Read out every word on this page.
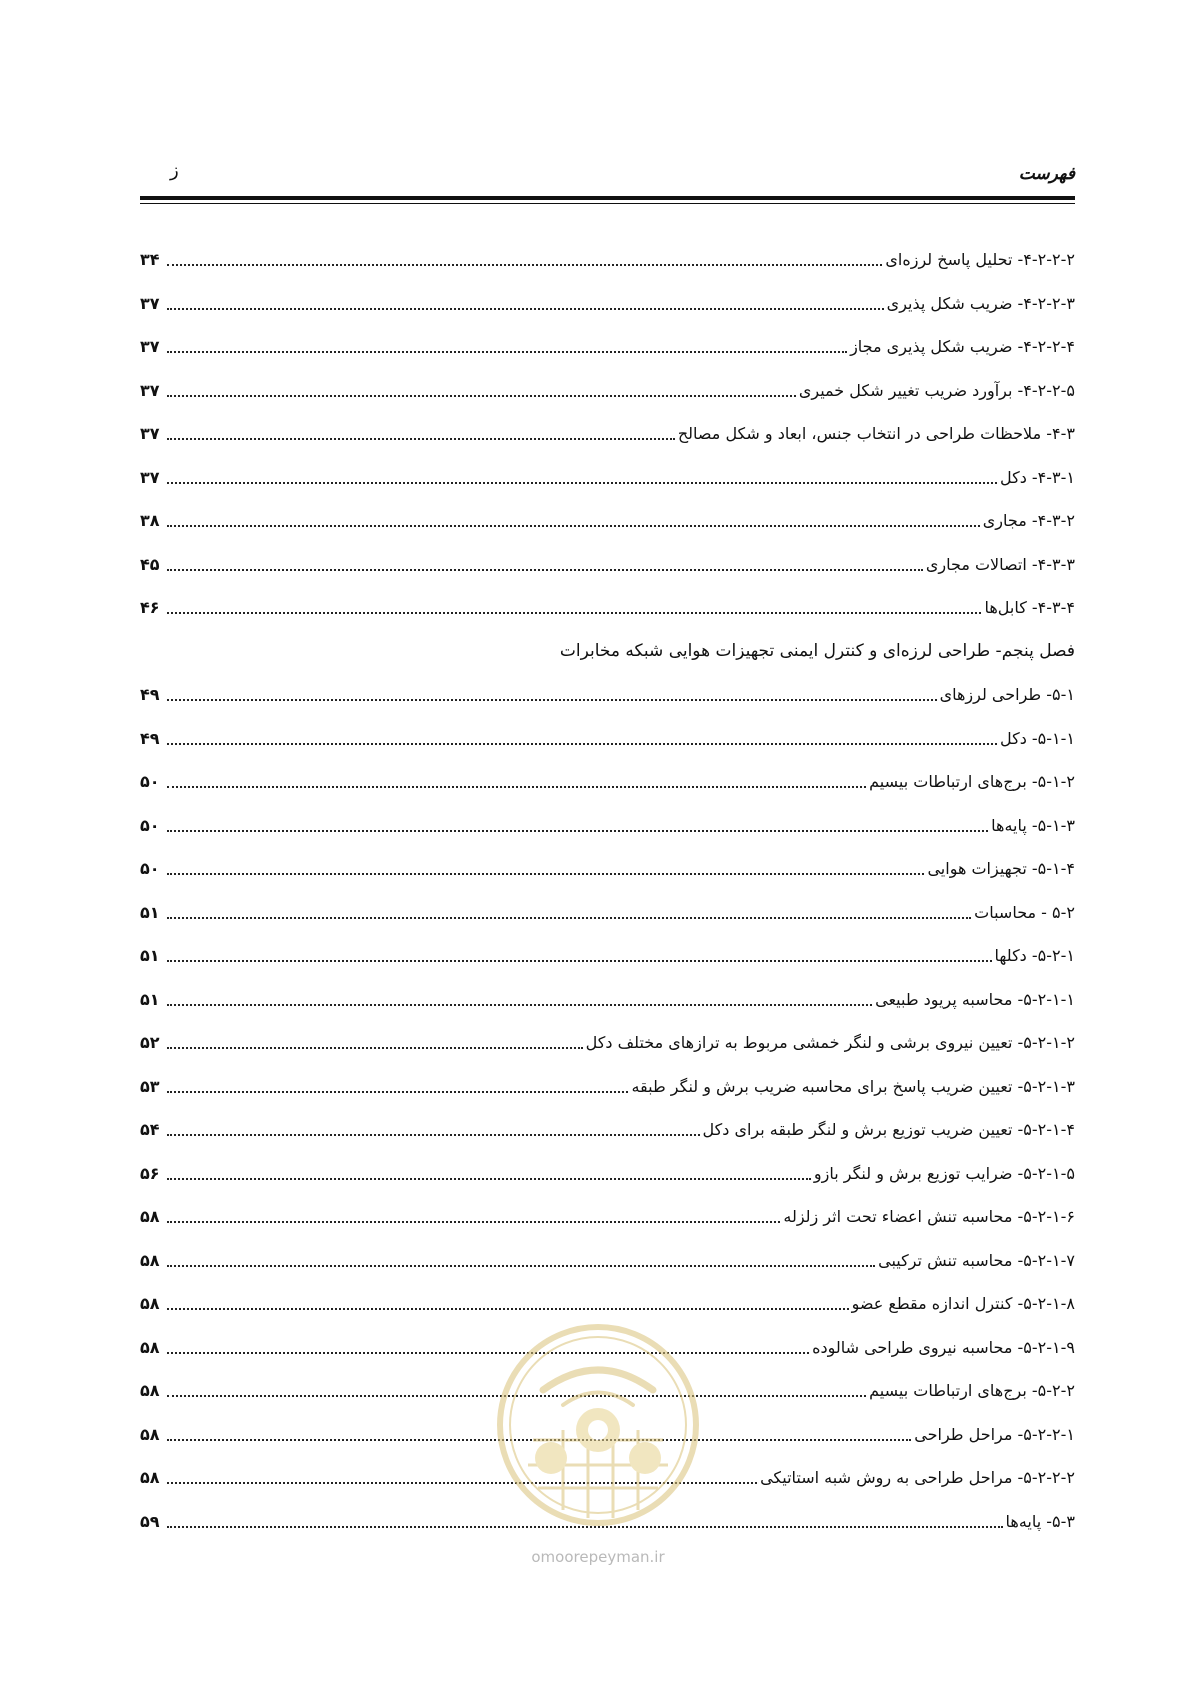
فهرست
ز
۴-۲-۲-۲- تحلیل پاسخ لرزه‌ای
۳۴
۴-۲-۲-۳- ضریب شکل پذیری
۳۷
۴-۲-۲-۴- ضریب شکل پذیری مجاز
۳۷
۴-۲-۲-۵- برآورد ضریب تغییر شکل خمیری
۳۷
۴-۳- ملاحظات طراحی در انتخاب جنس، ابعاد و شکل مصالح
۳۷
۴-۳-۱- دکل
۳۷
۴-۳-۲- مجاری
۳۸
۴-۳-۳- اتصالات مجاری
۴۵
۴-۳-۴- کابل‌ها
۴۶
فصل پنجم- طراحی لرزه‌ای و کنترل ایمنی تجهیزات هوایی شبکه مخابرات
۵-۱- طراحی لرزهای
۴۹
۵-۱-۱- دکل
۴۹
۵-۱-۲- برج‌های ارتباطات بیسیم
۵۰
۵-۱-۳- پایه‌ها
۵۰
۵-۱-۴- تجهیزات هوایی
۵۰
۵-۲ - محاسبات
۵۱
۵-۲-۱- دکلها
۵۱
۵-۲-۱-۱- محاسبه پریود طبیعی
۵۱
۵-۲-۱-۲- تعیین نیروی برشی و لنگر خمشی مربوط به ترازهای مختلف دکل
۵۲
۵-۲-۱-۳- تعیین ضریب پاسخ برای محاسبه ضریب برش و لنگر طبقه
۵۳
۵-۲-۱-۴- تعیین ضریب توزیع برش و لنگر طبقه برای دکل
۵۴
۵-۲-۱-۵- ضرایب توزیع برش و لنگر بازو
۵۶
۵-۲-۱-۶- محاسبه تنش اعضاء تحت اثر زلزله
۵۸
۵-۲-۱-۷- محاسبه تنش ترکیبی
۵۸
۵-۲-۱-۸- کنترل اندازه مقطع عضو
۵۸
۵-۲-۱-۹- محاسبه نیروی طراحی شالوده
۵۸
۵-۲-۲- برج‌های ارتباطات بیسیم
۵۸
۵-۲-۲-۱- مراحل طراحی
۵۸
۵-۲-۲-۲- مراحل طراحی به روش شبه استاتیکی
۵۸
۵-۳- پایه‌ها
۵۹
omoorepeyman.ir
